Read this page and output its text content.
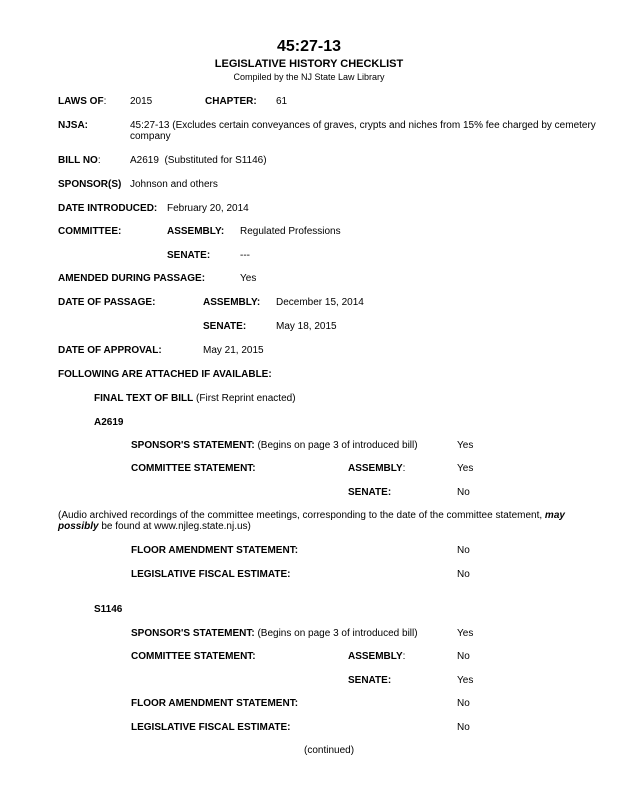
45:27-13
LEGISLATIVE HISTORY CHECKLIST
Compiled by the NJ State Law Library
LAWS OF: 2015	CHAPTER: 61
NJSA:	45:27-13 (Excludes certain conveyances of graves, crypts and niches from 15% fee charged by cemetery company
BILL NO:	A2619  (Substituted for S1146)
SPONSOR(S) Johnson and others
DATE INTRODUCED: February 20, 2014
COMMITTEE:	ASSEMBLY: Regulated Professions
SENATE:	---
AMENDED DURING PASSAGE:	Yes
DATE OF PASSAGE:	ASSEMBLY: December 15, 2014
SENATE:	May 18, 2015
DATE OF APPROVAL:	May 21, 2015
FOLLOWING ARE ATTACHED IF AVAILABLE:
FINAL TEXT OF BILL (First Reprint enacted)
A2619
SPONSOR'S STATEMENT: (Begins on page 3 of introduced bill)	Yes
COMMITTEE STATEMENT:	ASSEMBLY:	Yes
SENATE:	No
(Audio archived recordings of the committee meetings, corresponding to the date of the committee statement, may possibly be found at www.njleg.state.nj.us)
FLOOR AMENDMENT STATEMENT:	No
LEGISLATIVE FISCAL ESTIMATE:	No
S1146
SPONSOR'S STATEMENT: (Begins on page 3 of introduced bill)	Yes
COMMITTEE STATEMENT:	ASSEMBLY:	No
SENATE:	Yes
FLOOR AMENDMENT STATEMENT:	No
LEGISLATIVE FISCAL ESTIMATE:	No
(continued)
